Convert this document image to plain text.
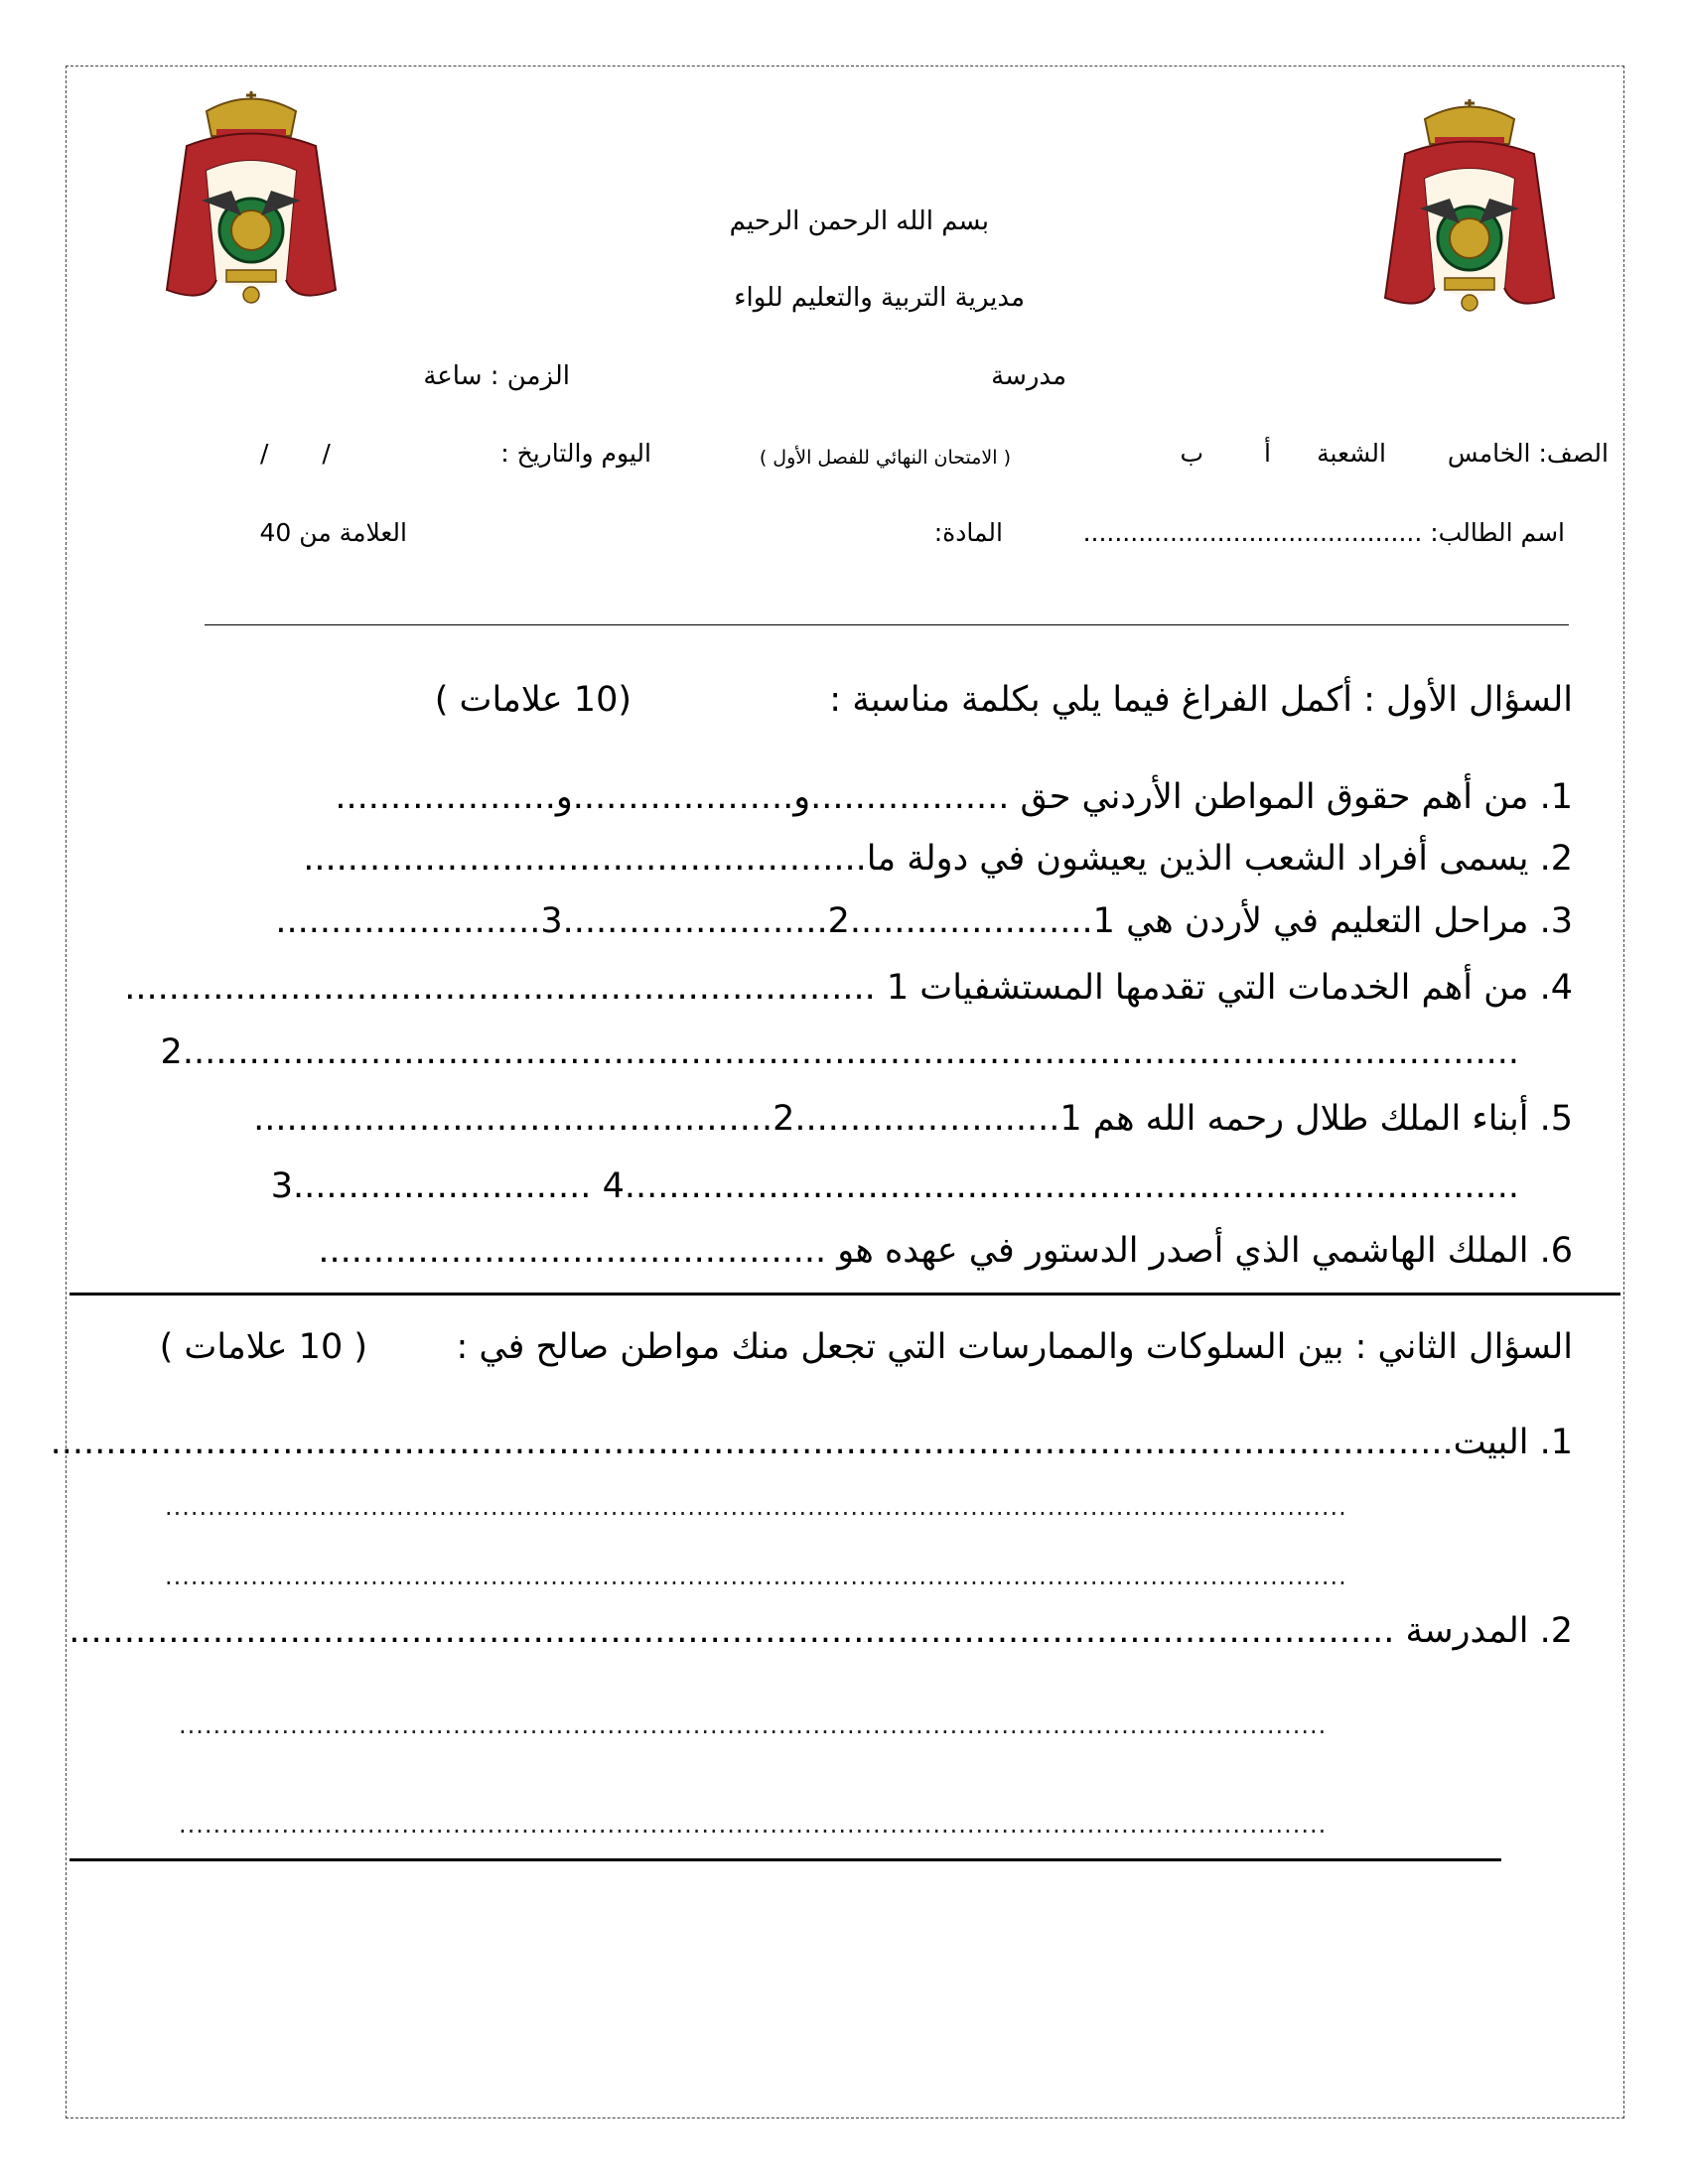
بسم الله الرحمن الرحيم
مديرية التربية والتعليم للواء
مدرسة
الزمن : ساعة
الصف: الخامس
الشعبة
أ
ب
( الامتحان النهائي للفصل الأول )
اليوم والتاريخ :
/ /
اسم الطالب: ...........................................
المادة:
العلامة من 40
السؤال الأول : أكمل الفراغ فيما يلي بكلمة مناسبة :
(10 علامات )
1. من أهم حقوق المواطن الأردني حق ..................و....................و....................
2. يسمى أفراد الشعب الذين يعيشون في دولة ما...................................................
3. مراحل التعليم في لأردن هي 1......................2........................3........................
4. من أهم الخدمات التي تقدمها المستشفيات 1 ....................................................................
2.........................................................................................................................
5. أبناء الملك طلال رحمه الله هم 1........................2...............................................
3........................... 4.................................................................................
6. الملك الهاشمي الذي أصدر الدستور في عهده هو ..............................................
السؤال الثاني : بين السلوكات والممارسات التي تجعل منك مواطن صالح في :
( 10 علامات )
1. البيت...............................................................................................................................
..........................................................................................................................................
..........................................................................................................................................
2. المدرسة ........................................................................................................................
......................................................................................................................................
......................................................................................................................................
